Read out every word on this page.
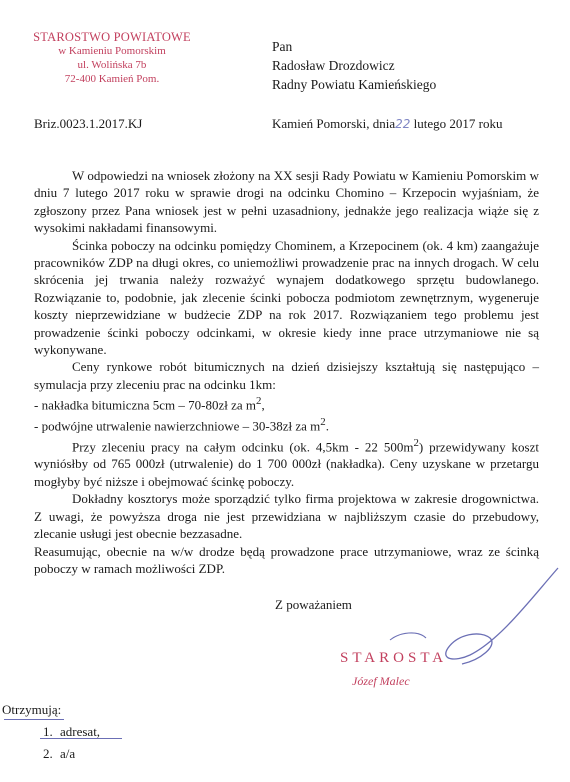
STAROSTWO POWIATOWE
w Kamieniu Pomorskim
ul. Wolińska 7b
72-400 Kamień Pom.
Pan
Radosław Drozdowicz
Radny Powiatu Kamieńskiego
Briz.0023.1.2017.KJ	Kamień Pomorski, dnia22 lutego 2017 roku

W odpowiedzi na wniosek złożony na XX sesji Rady Powiatu w Kamieniu Pomorskim w dniu 7 lutego 2017 roku w sprawie drogi na odcinku Chomino – Krzepocin wyjaśniam, że zgłoszony przez Pana wniosek jest w pełni uzasadniony, jednakże jego realizacja wiąże się z wysokimi nakładami finansowymi.

Ścinka poboczy na odcinku pomiędzy Chominem, a Krzepocinem (ok. 4 km) zaangażuje pracowników ZDP na długi okres, co uniemożliwi prowadzenie prac na innych drogach. W celu skrócenia jej trwania należy rozważyć wynajem dodatkowego sprzętu budowlanego. Rozwiązanie to, podobnie, jak zlecenie ścinki pobocza podmiotom zewnętrznym, wygeneruje koszty nieprzewidziane w budżecie ZDP na rok 2017. Rozwiązaniem tego problemu jest prowadzenie ścinki poboczy odcinkami, w okresie kiedy inne prace utrzymaniowe nie są wykonywane.

Ceny rynkowe robót bitumicznych na dzień dzisiejszy kształtują się następująco – symulacja przy zleceniu prac na odcinku 1km:

- nakładka bitumiczna 5cm – 70-80zł za $m^2$,

- podwójne utrwalenie nawierzchniowe – 30-38zł za $m^2$.

Przy zleceniu pracy na całym odcinku (ok. 4,5km - 22 $500m^2$) przewidywany koszt wyniósłby od 765 000zł (utrwalenie) do 1 700 000zł (nakładka). Ceny uzyskane w przetargu mogłyby być niższe i obejmować ścinkę poboczy.

Dokładny kosztorys może sporządzić tylko firma projektowa w zakresie drogownictwa. Z uwagi, że powyższa droga nie jest przewidziana w najbliższym czasie do przebudowy, zlecanie usługi jest obecnie bezzasadne.

Reasumując, obecnie na w/w drodze będą prowadzone prace utrzymaniowe, wraz ze ścinką poboczy w ramach możliwości ZDP.

Z poważaniem
STAROSTA
Józef Malec
Otrzymują:
1. adresat,
2. a/a
